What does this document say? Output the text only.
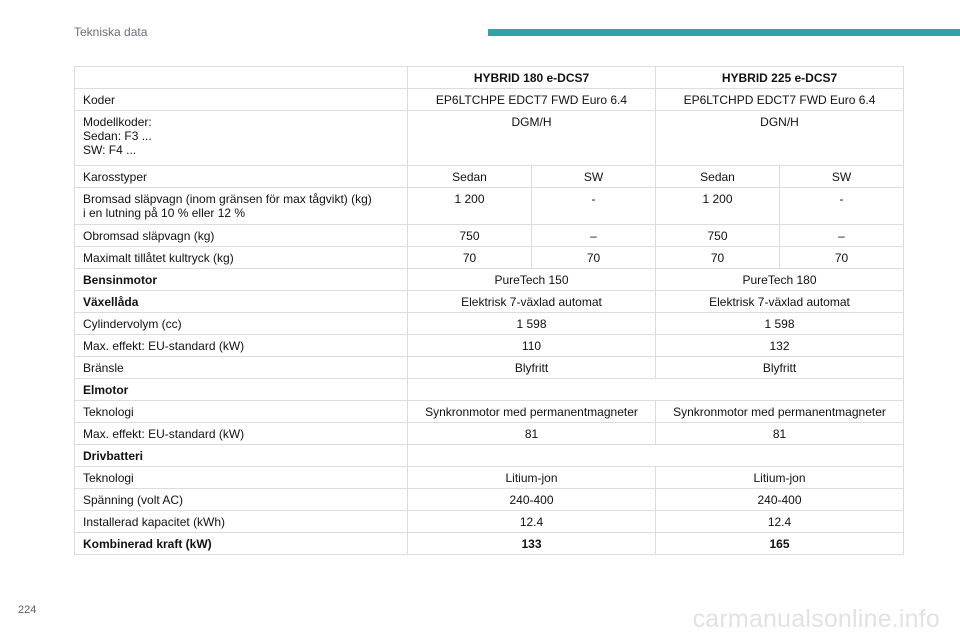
Tekniska data
	HYBRID 180 e-DCS7		HYBRID 225 e-DCS7	
Koder	EP6LTCHPE EDCT7 FWD Euro 6.4		EP6LTCHPD EDCT7 FWD Euro 6.4	

Modellkoder:
Sedan: F3 ...
SW: F4 ...	DGM/H		DGN/H	
Karosstyper	Sedan	SW	Sedan	SW

Bromsad släpvagn (inom gränsen för max tågvikt) (kg)
i en lutning på 10 % eller 12 %	1 200	-	1 200	-
Obromsad släpvagn (kg)	750	–	750	–
Maximalt tillåtet kultryck (kg)	70	70	70	70
Bensinmotor	PureTech 150		PureTech 180	
Växellåda	Elektrisk 7-växlad automat		Elektrisk 7-växlad automat	
Cylindervolym (cc)	1 598		1 598	
Max. effekt: EU-standard (kW)	110		132	
Bränsle	Blyfritt		Blyfritt	
Elmotor				
Teknologi	Synkronmotor med permanentmagneter		Synkronmotor med permanentmagneter	
Max. effekt: EU-standard (kW)	81		81	
Drivbatteri				
Teknologi	Litium-jon		Litium-jon	
Spänning (volt AC)	240-400		240-400	
Installerad kapacitet (kWh)	12.4		12.4	
Kombinerad kraft (kW)	133		165	
224	carmanualsonline.info
